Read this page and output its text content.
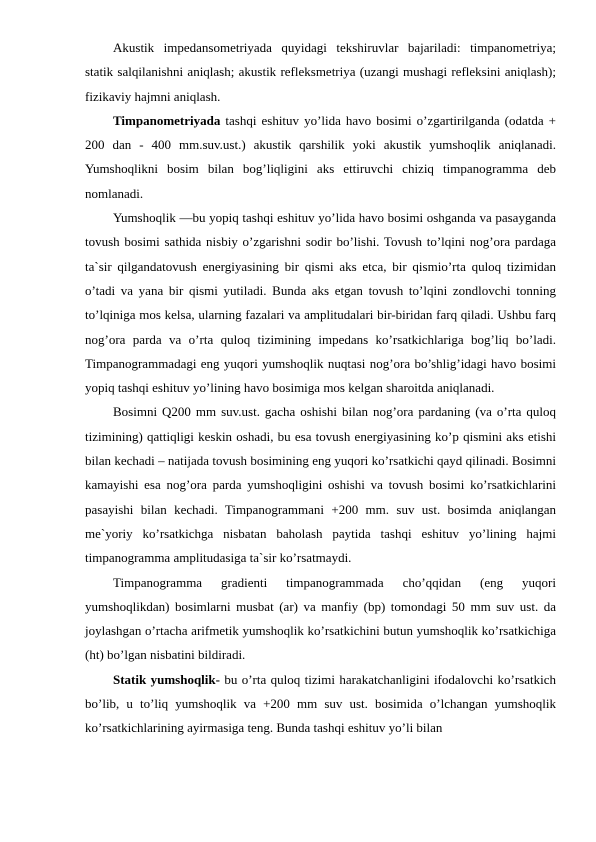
Akustik impedansometriyada quyidagi tekshiruvlar bajariladi: timpanometriya; statik salqilanishni aniqlash; akustik refleksmetriya (uzangi mushagi refleksini aniqlash); fizikaviy hajmni aniqlash.

Timpanometriyada tashqi eshituv yo’lida havo bosimi o’zgartirilganda (odatda + 200 dan - 400 mm.suv.ust.) akustik qarshilik yoki akustik yumshoqlik aniqlanadi. Yumshoqlikni bosim bilan bog’liqligini aks ettiruvchi chiziq timpanogramma deb nomlanadi.

Yumshoqlik —bu yopiq tashqi eshituv yo’lida havo bosimi oshganda va pasayganda tovush bosimi sathida nisbiy o’zgarishni sodir bo’lishi. Tovush to’lqini nog’ora pardaga ta`sir qilgandatovush energiyasining bir qismi aks etca, bir qismio’rta quloq tizimidan o’tadi va yana bir qismi yutiladi. Bunda aks etgan tovush to’lqini zondlovchi tonning to’lqiniga mos kelsa, ularning fazalari va amplitudalari bir-biridan farq qiladi. Ushbu farq nog’ora parda va o’rta quloq tizimining impedans ko’rsatkichlariga bog’liq bo’ladi. Timpanogrammadagi eng yuqori yumshoqlik nuqtasi nog’ora bo’shlig’idagi havo bosimi yopiq tashqi eshituv yo’lining havo bosimiga mos kelgan sharoitda aniqlanadi.

Bosimni Q200 mm suv.ust. gacha oshishi bilan nog’ora pardaning (va o’rta quloq tizimining) qattiqligi keskin oshadi, bu esa tovush energiyasining ko’p qismini aks etishi bilan kechadi – natijada tovush bosimining eng yuqori ko’rsatkichi qayd qilinadi. Bosimni kamayishi esa nog’ora parda yumshoqligini oshishi va tovush bosimi ko’rsatkichlarini pasayishi bilan kechadi. Timpanogrammani +200 mm. suv ust. bosimda aniqlangan me`yoriy ko’rsatkichga nisbatan baholash paytida tashqi eshituv yo’lining hajmi timpanogramma amplitudasiga ta`sir ko’rsatmaydi.

Timpanogramma gradienti timpanogrammada cho’qqidan (eng yuqori yumshoqlikdan) bosimlarni musbat (ar) va manfiy (bp) tomondagi 50 mm suv ust. da joylashgan o’rtacha arifmetik yumshoqlik ko’rsatkichini butun yumshoqlik ko’rsatkichiga (ht) bo’lgan nisbatini bildiradi.

Statik yumshoqlik- bu o’rta quloq tizimi harakatchanligini ifodalovchi ko’rsatkich bo’lib, u to’liq yumshoqlik va +200 mm suv ust. bosimida o’lchangan yumshoqlik ko’rsatkichlarining ayirmasiga teng. Bunda tashqi eshituv yo’li bilan
